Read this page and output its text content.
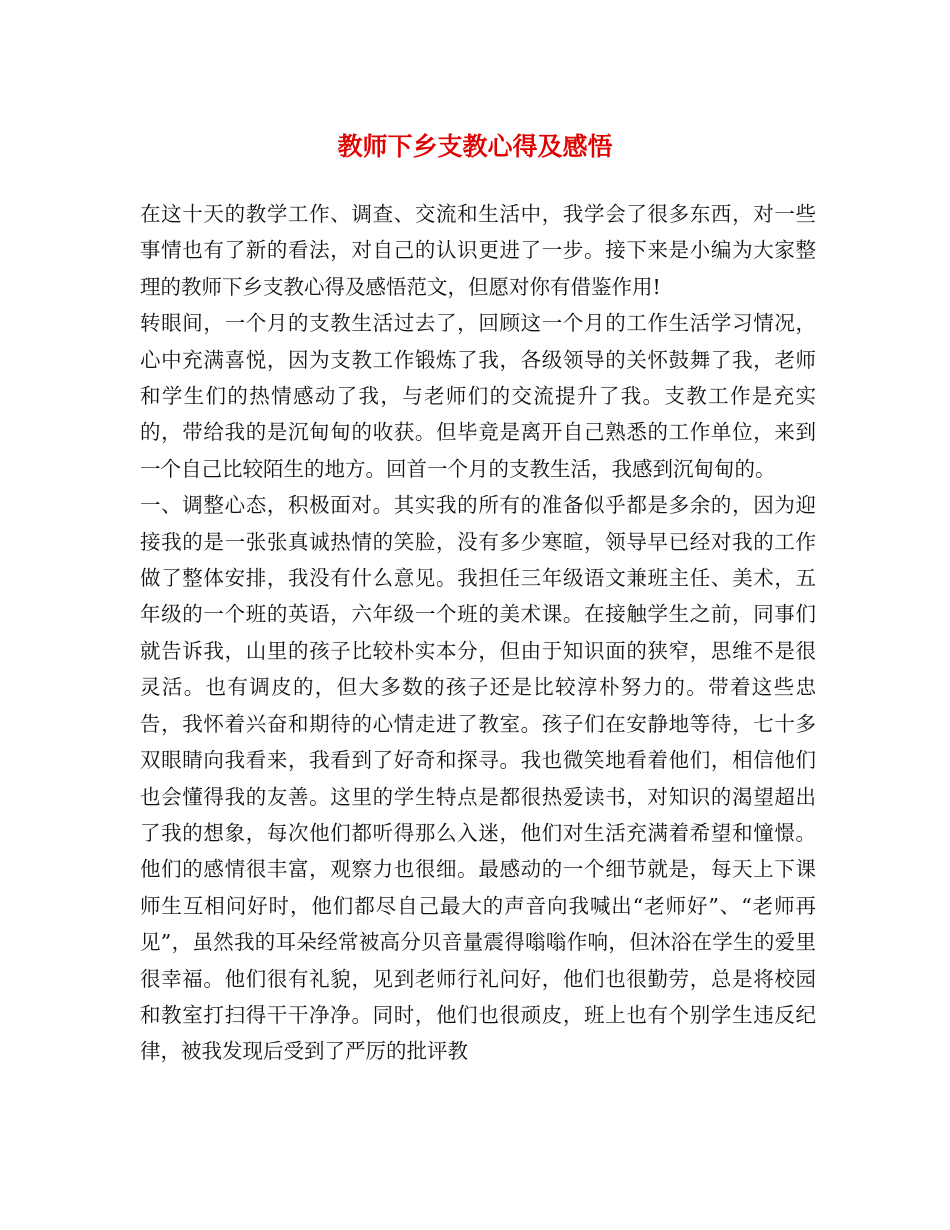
教师下乡支教心得及感悟

在这十天的教学工作、调查、交流和生活中，我学会了很多东西，对一些事情也有了新的看法，对自己的认识更进了一步。接下来是小编为大家整理的教师下乡支教心得及感悟范文，但愿对你有借鉴作用!

转眼间，一个月的支教生活过去了，回顾这一个月的工作生活学习情况，心中充满喜悦，因为支教工作锻炼了我，各级领导的关怀鼓舞了我，老师和学生们的热情感动了我，与老师们的交流提升了我。支教工作是充实的，带给我的是沉甸甸的收获。但毕竟是离开自己熟悉的工作单位，来到一个自己比较陌生的地方。回首一个月的支教生活，我感到沉甸甸的。

一、调整心态，积极面对。其实我的所有的准备似乎都是多余的，因为迎接我的是一张张真诚热情的笑脸，没有多少寒暄，领导早已经对我的工作做了整体安排，我没有什么意见。我担任三年级语文兼班主任、美术，五年级的一个班的英语，六年级一个班的美术课。在接触学生之前，同事们就告诉我，山里的孩子比较朴实本分，但由于知识面的狭窄，思维不是很灵活。也有调皮的，但大多数的孩子还是比较淳朴努力的。带着这些忠告，我怀着兴奋和期待的心情走进了教室。孩子们在安静地等待，七十多双眼睛向我看来，我看到了好奇和探寻。我也微笑地看着他们，相信他们也会懂得我的友善。这里的学生特点是都很热爱读书，对知识的渴望超出了我的想象，每次他们都听得那么入迷，他们对生活充满着希望和憧憬。他们的感情很丰富，观察力也很细。最感动的一个细节就是，每天上下课师生互相问好时，他们都尽自己最大的声音向我喊出“老师好”、“老师再见”，虽然我的耳朵经常被高分贝音量震得嗡嗡作响，但沐浴在学生的爱里很幸福。他们很有礼貌，见到老师行礼问好，他们也很勤劳，总是将校园和教室打扫得干干净净。同时，他们也很顽皮，班上也有个别学生违反纪律，被我发现后受到了严厉的批评教
